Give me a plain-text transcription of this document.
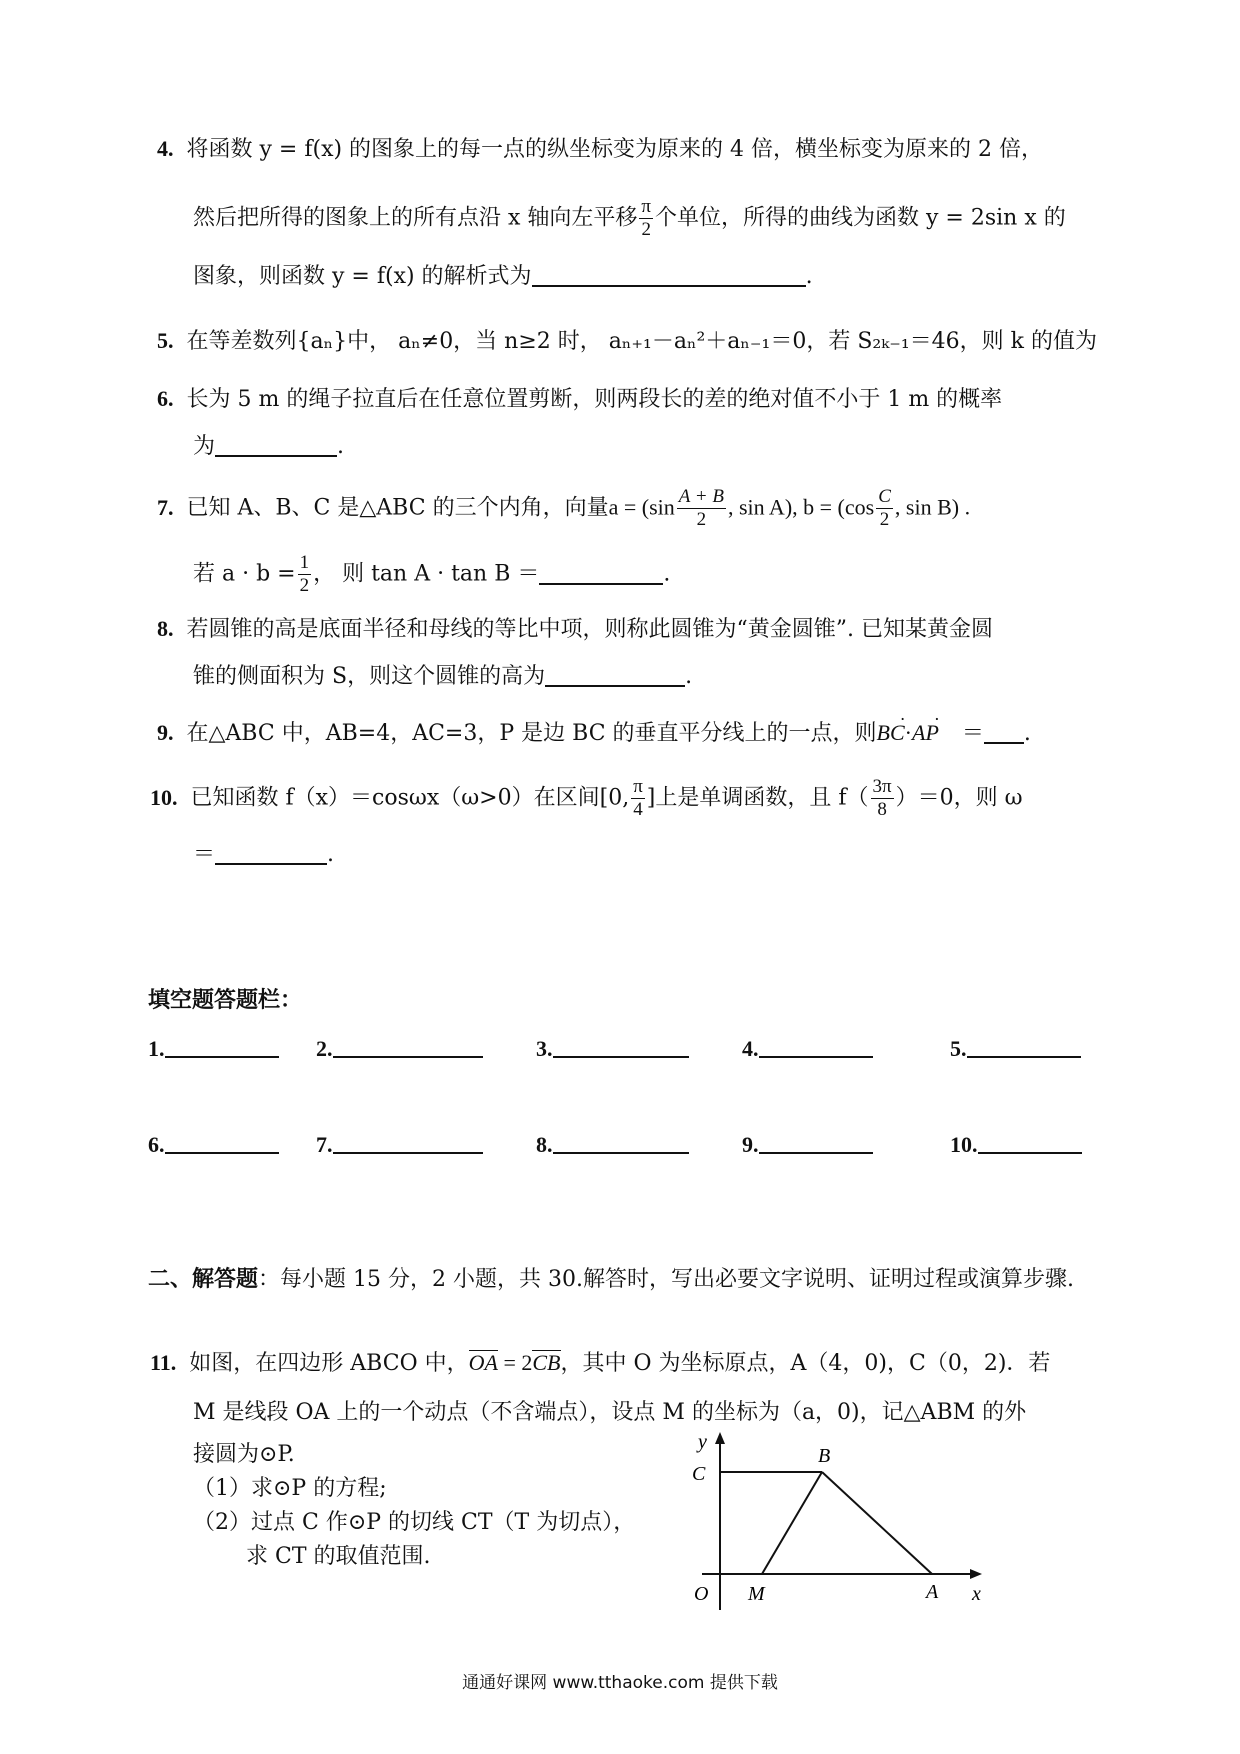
4. 将函数 y = f(x) 的图象上的每一点的纵坐标变为原来的 4 倍，横坐标变为原来的 2 倍，
然后把所得的图象上的所有点沿 x 轴向左平移 $\frac{\pi}{2}$ 个单位，所得的曲线为函数 y = 2sin x 的
图象，则函数 y = f(x) 的解析式为	.
5. 在等差数列{aₙ}中， aₙ≠0，当 n≥2 时， aₙ₊₁－aₙ²＋aₙ₋₁＝0，若 S₂ₖ₋₁＝46，则 k 的值为
6. 长为 5 m 的绳子拉直后在任意位置剪断，则两段长的差的绝对值不小于 1 m 的概率
为	.
7. 已知 A、B、C 是△ABC 的三个内角，向量$a = (\sin \frac{A + B}{2}$ , sin A), $b = (\cos \frac{C}{2}$ , sin B) .
若 $a \cdot b = \frac{1}{2}$ ， 则 tan A · tan B ＝	.
8. 若圆锥的高是底面半径和母线的等比中项，则称此圆锥为“黄金圆锥”. 已知某黄金圆
锥的侧面积为 S，则这个圆锥的高为	.
9. 在△ABC 中，AB=4，AC=3，P 是边 BC 的垂直平分线上的一点，则· BC·· AP ＝ .
10. 已知函数 f（x）＝cosωx（ω>0）在区间[0, $\frac{\pi}{4}$ ]上是单调函数，且 $f( \frac{3\pi}{8} )=0$，则 ω
＝	.
填空题答题栏：
1.	2.	3.	4.	5.
6.	7.	8.	9.	10.
二、解答题：每小题 15 分，2 小题，共 30.解答时，写出必要文字说明、证明过程或演算步骤.
11. 如图，在四边形 ABCO 中，OA = 2CB，其中 O 为坐标原点，A（4，0)，C（0，2)．若
M 是线段 OA 上的一个动点（不含端点），设点 M 的坐标为（a，0)，记△ABM 的外
接圆为⊙P.
（1）求⊙P 的方程;
（2）过点 C 作⊙P 的切线 CT（T 为切点），
求 CT 的取值范围.
y
C
B
O M	A x
通通好课网 www.tthaoke.com 提供下载
